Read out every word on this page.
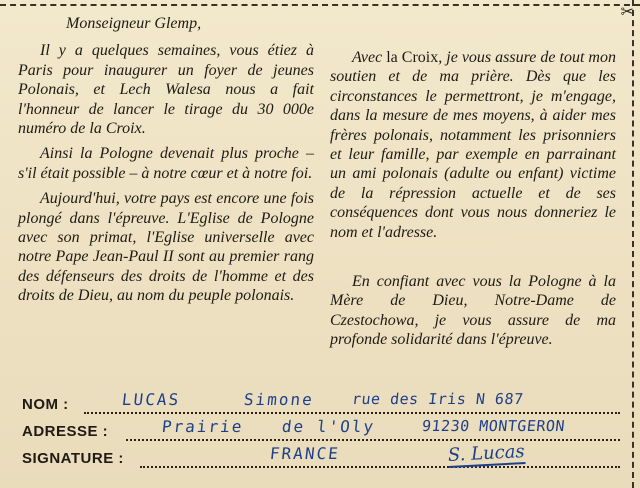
✂

Monseigneur Glemp,

Il y a quelques semaines, vous étiez à Paris pour inaugurer un foyer de jeunes Polonais, et Lech Walesa nous a fait l'honneur de lancer le tirage du 30 000e numéro de la Croix.

Ainsi la Pologne devenait plus proche – s'il était possible – à notre cœur et à notre foi.

Aujourd'hui, votre pays est encore une fois plongé dans l'épreuve. L'Eglise de Pologne avec son primat, l'Eglise universelle avec notre Pape Jean-Paul II sont au premier rang des défenseurs des droits de l'homme et des droits de Dieu, au nom du peuple polonais.

Avec la Croix, je vous assure de tout mon soutien et de ma prière. Dès que les circonstances le permettront, je m'engage, dans la mesure de mes moyens, à aider mes frères polonais, notamment les prisonniers et leur famille, par exemple en parrainant un ami polonais (adulte ou enfant) victime de la répression actuelle et de ses conséquences dont vous nous donneriez le nom et l'adresse.

En confiant avec vous la Pologne à la Mère de Dieu, Notre-Dame de Czestochowa, je vous assure de ma profonde solidarité dans l'épreuve.

NOM :	LUCAS	Simone rue des Iris N 687
ADRESSE :	Prairie de l'Oly	91230 MONTGERON
SIGNATURE :	FRANCE	S. Lucas
